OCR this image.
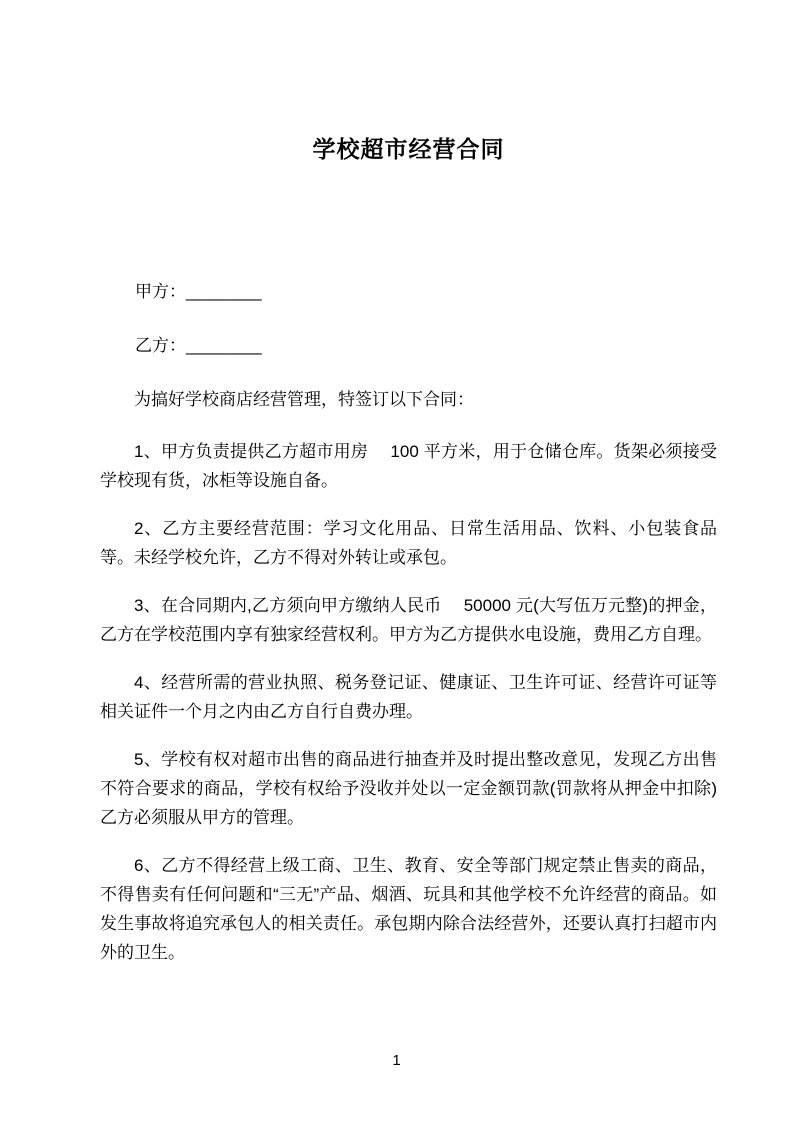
学校超市经营合同
甲方：________
乙方：________

为搞好学校商店经营管理，特签订以下合同：

1、甲方负责提供乙方超市用房　 100 平方米，用于仓储仓库。货架必须接受学校现有货，冰柜等设施自备。

2、乙方主要经营范围：学习文化用品、日常生活用品、饮料、小包装食品等。未经学校允许，乙方不得对外转让或承包。

3、在合同期内,乙方须向甲方缴纳人民币　 50000 元(大写伍万元整)的押金，乙方在学校范围内享有独家经营权利。甲方为乙方提供水电设施，费用乙方自理。

4、经营所需的营业执照、税务登记证、健康证、卫生许可证、经营许可证等相关证件一个月之内由乙方自行自费办理。

5、学校有权对超市出售的商品进行抽查并及时提出整改意见，发现乙方出售不符合要求的商品，学校有权给予没收并处以一定金额罚款(罚款将从押金中扣除)乙方必须服从甲方的管理。

6、乙方不得经营上级工商、卫生、教育、安全等部门规定禁止售卖的商品，不得售卖有任何问题和“三无”产品、烟酒、玩具和其他学校不允许经营的商品。如发生事故将追究承包人的相关责任。承包期内除合法经营外，还要认真打扫超市内外的卫生。

1
